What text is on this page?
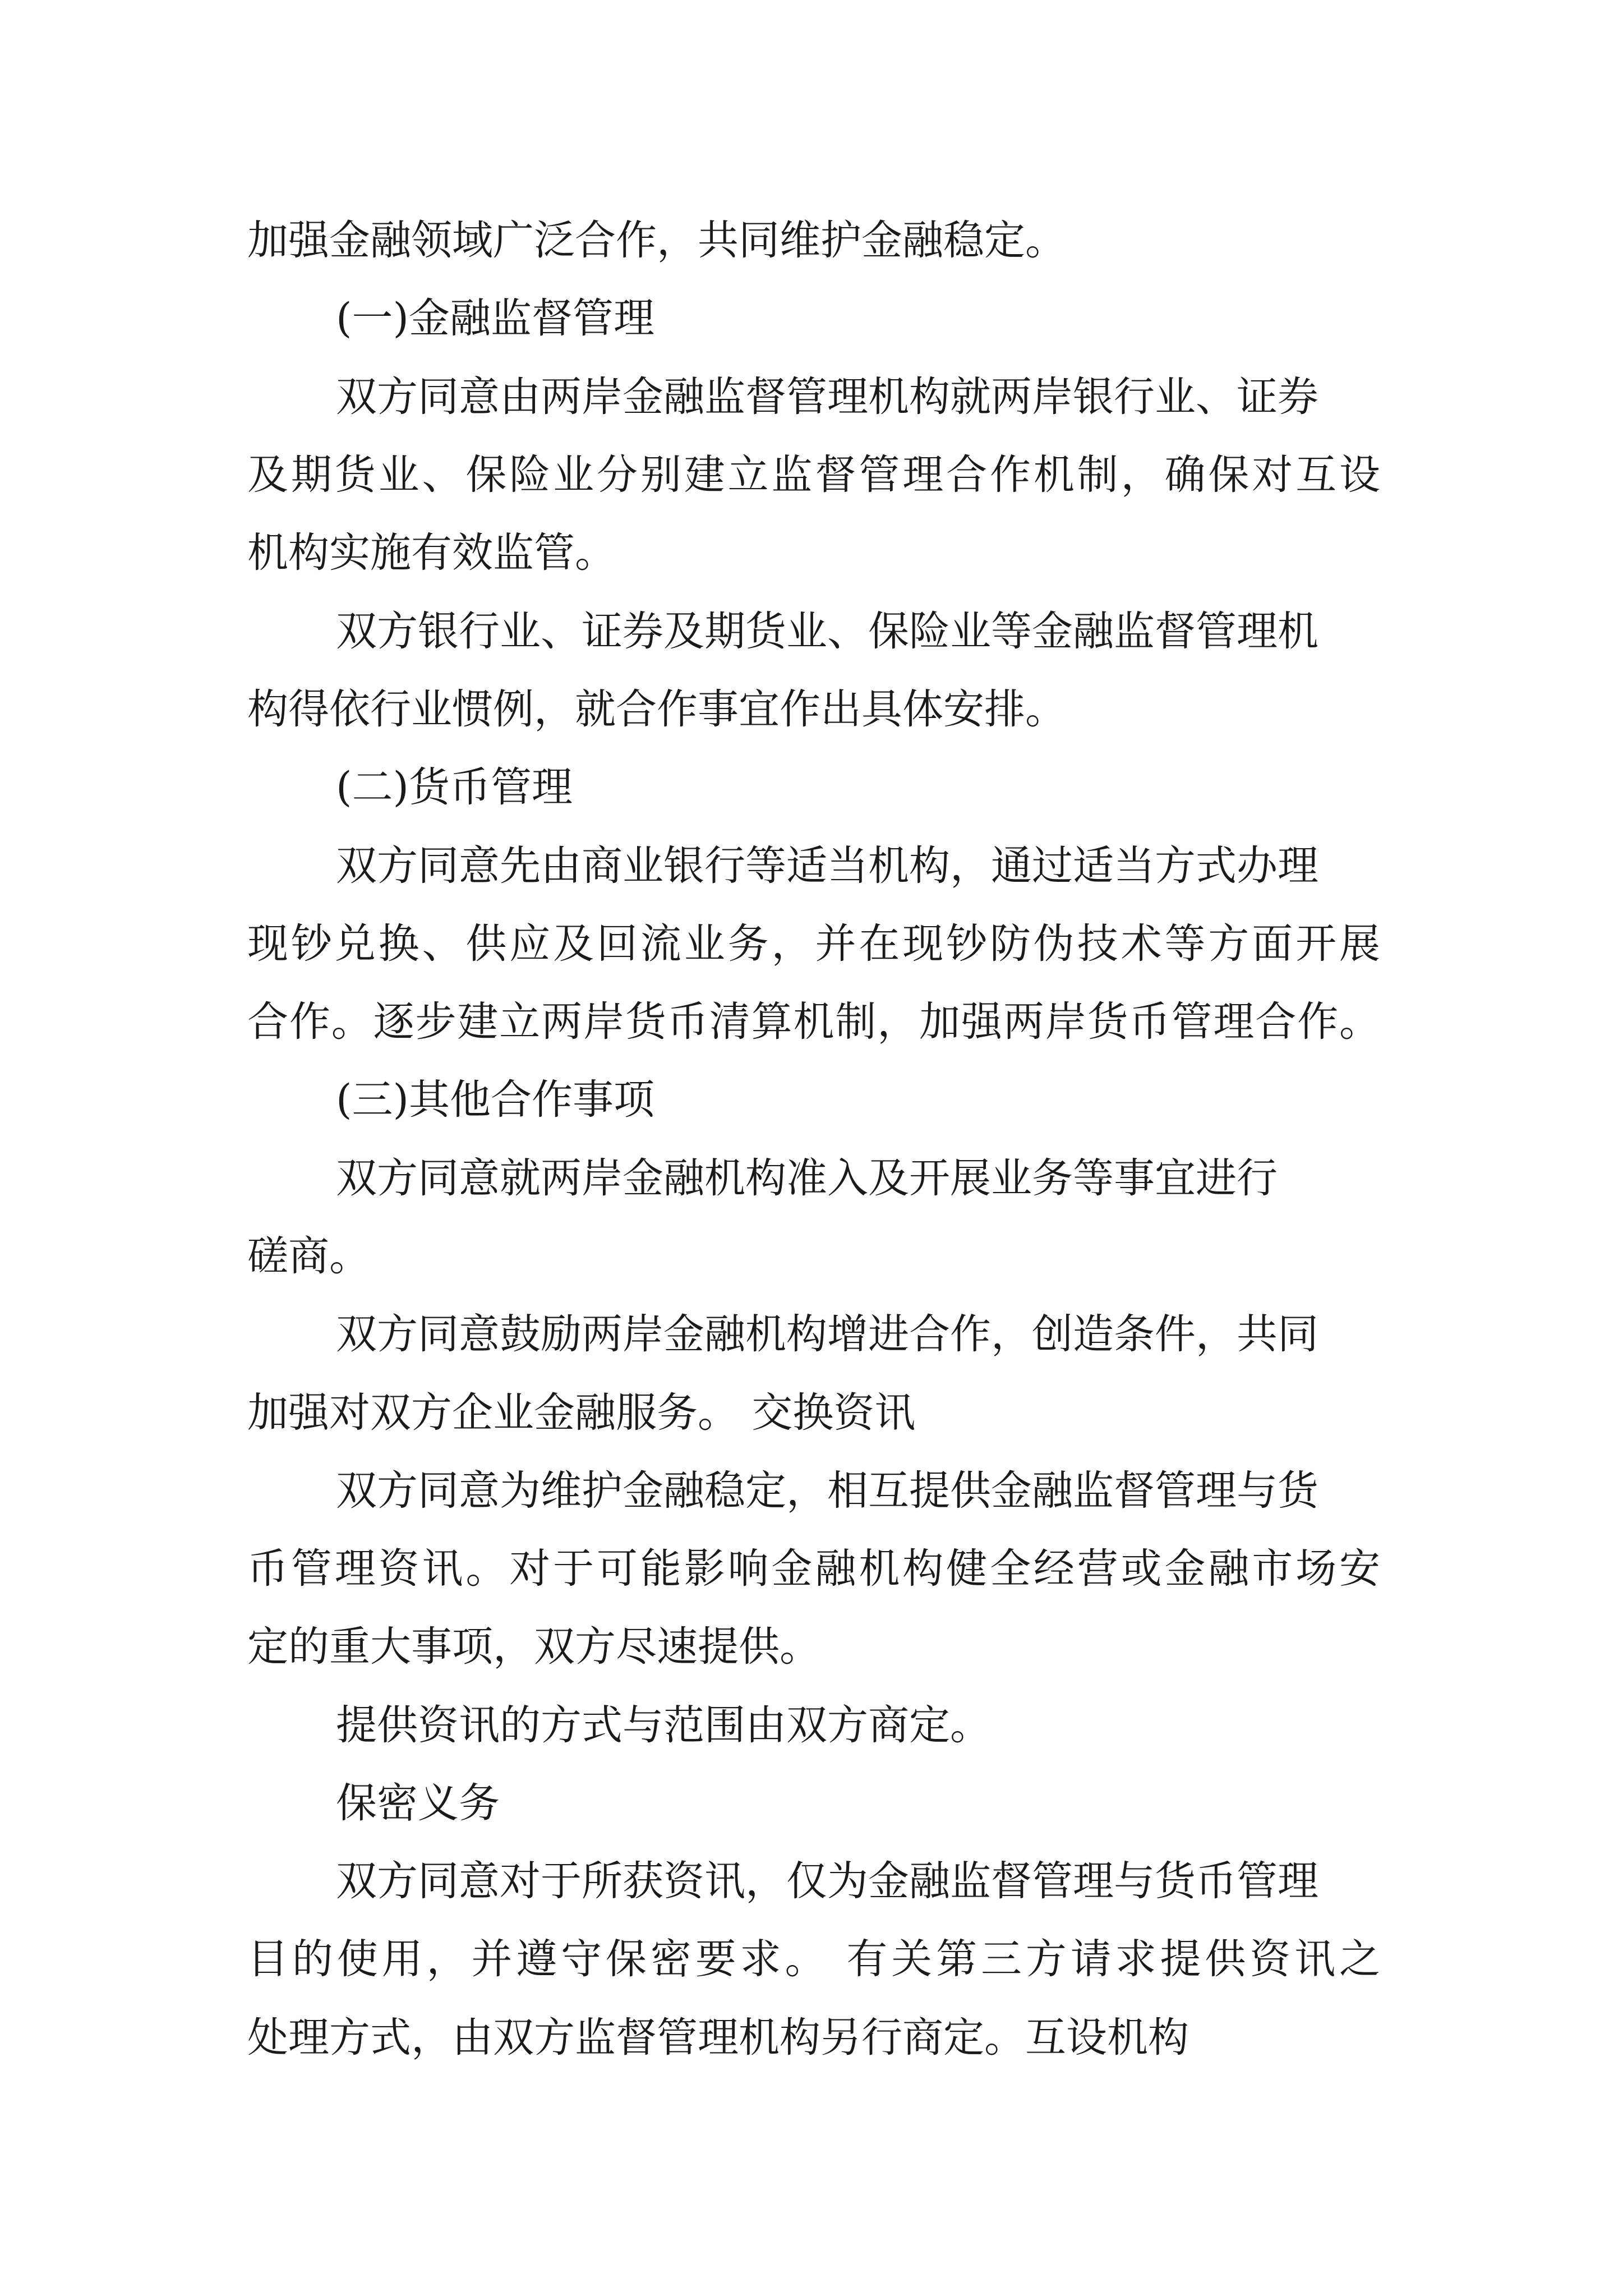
加强金融领域广泛合作，共同维护金融稳定。

(一)金融监督管理

双方同意由两岸金融监督管理机构就两岸银行业、证券

及期货业、保险业分别建立监督管理合作机制，确保对互设

机构实施有效监管。

双方银行业、证券及期货业、保险业等金融监督管理机

构得依行业惯例，就合作事宜作出具体安排。

(二)货币管理

双方同意先由商业银行等适当机构，通过适当方式办理

现钞兑换、供应及回流业务，并在现钞防伪技术等方面开展

合作。逐步建立两岸货币清算机制，加强两岸货币管理合作。

(三)其他合作事项

双方同意就两岸金融机构准入及开展业务等事宜进行

磋商。

双方同意鼓励两岸金融机构增进合作，创造条件，共同

加强对双方企业金融服务。 交换资讯

双方同意为维护金融稳定，相互提供金融监督管理与货

币管理资讯。对于可能影响金融机构健全经营或金融市场安

定的重大事项，双方尽速提供。

提供资讯的方式与范围由双方商定。

保密义务

双方同意对于所获资讯，仅为金融监督管理与货币管理

目的使用，并遵守保密要求。 有关第三方请求提供资讯之

处理方式，由双方监督管理机构另行商定。互设机构
